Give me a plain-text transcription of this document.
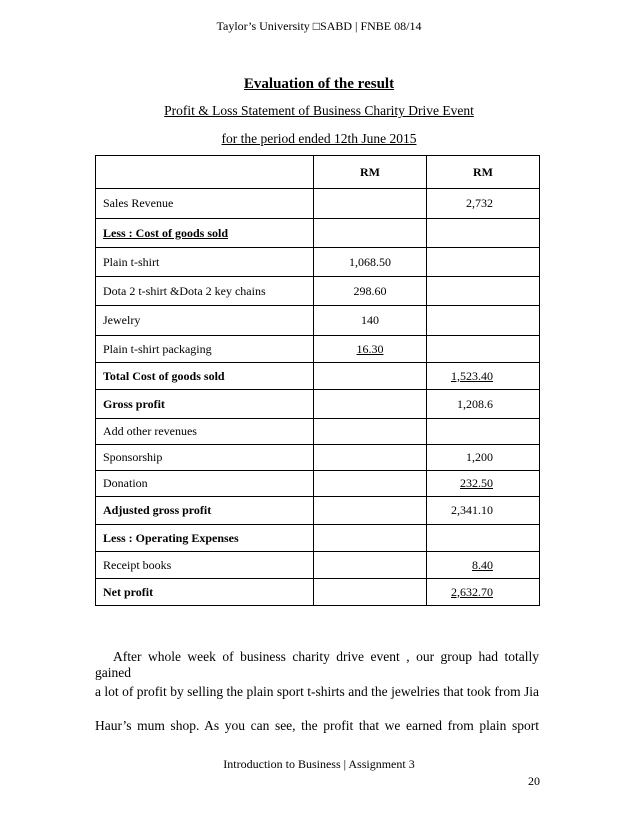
Taylor’s University □SABD | FNBE 08/14
Evaluation of the result
Profit & Loss Statement of Business Charity Drive Event
for the period ended 12th June 2015
	RM	RM
Sales Revenue		2,732
Less : Cost of goods sold		
Plain t-shirt	1,068.50	
Dota 2 t-shirt &Dota 2 key chains	298.60	
Jewelry	140	
Plain t-shirt packaging	16.30	
Total Cost of goods sold		1,523.40
Gross profit		1,208.6
Add other revenues		
Sponsorship		1,200
Donation		232.50
Adjusted gross profit		2,341.10
Less : Operating Expenses		
Receipt books		8.40
Net profit		2,632.70
After whole week of business charity drive event , our group had totally gained
a lot of profit by selling the plain sport t-shirts and the jewelries that took from Jia
Haur’s mum shop. As you can see, the profit that we earned from plain sport
Introduction to Business | Assignment 3
20
